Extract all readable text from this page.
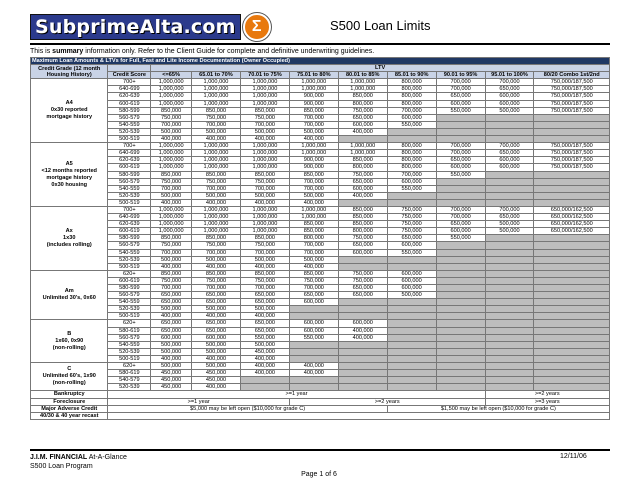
SubprimeAlta.com	Σ	S500 Loan Limits
This is summary information only. Refer to the Client Guide for complete and definitive underwriting guidelines.
Maximum Loan Amounts & LTVs for Full, Fast and Lite Income Documentation (Owner Occupied)										
Credit Grade (12 month Housing History)		LTV								
	Credit Score	<=65%	65.01 to 70%	70.01 to 75%	75.01 to 80%	80.01 to 85%	85.01 to 90%	90.01 to 95%	95.01 to 100%	80/20 Combo 1st/2nd

A4
0x30 reported
mortgage history	700+	1,000,000	1,000,000	1,000,000	1,000,000	1,000,000	800,000	700,000	700,000	750,000/187,500
	640-699	1,000,000	1,000,000	1,000,000	1,000,000	1,000,000	800,000	700,000	650,000	750,000/187,500
	620-639	1,000,000	1,000,000	1,000,000	900,000	850,000	800,000	650,000	600,000	750,000/187,500
	600-619	1,000,000	1,000,000	1,000,000	900,000	800,000	800,000	600,000	600,000	750,000/187,500
	580-599	850,000	850,000	850,000	850,000	750,000	700,000	550,000	500,000	750,000/187,500
	560-579	750,000	750,000	750,000	700,000	650,000	600,000			
	540-559	700,000	700,000	700,000	700,000	600,000	550,000			
	520-539	500,000	500,000	500,000	500,000	400,000				
	500-519	400,000	400,000	400,000	400,000					

A5
<12 months reported
mortgage history
0x30 housing	700+	1,000,000	1,000,000	1,000,000	1,000,000	1,000,000	800,000	700,000	700,000	750,000/187,500
	640-699	1,000,000	1,000,000	1,000,000	1,000,000	1,000,000	800,000	700,000	650,000	750,000/187,500
	620-639	1,000,000	1,000,000	1,000,000	900,000	850,000	800,000	650,000	600,000	750,000/187,500
	600-619	1,000,000	1,000,000	1,000,000	900,000	800,000	800,000	600,000	600,000	750,000/187,500
	580-599	850,000	850,000	850,000	850,000	750,000	700,000	550,000		
	560-579	750,000	750,000	750,000	700,000	650,000	600,000			
	540-559	700,000	700,000	700,000	700,000	600,000	550,000			
	520-539	500,000	500,000	500,000	500,000	400,000				
	500-519	400,000	400,000	400,000	400,000					

Ax
1x30
(includes rolling)	700+	1,000,000	1,000,000	1,000,000	1,000,000	850,000	750,000	700,000	700,000	650,000/162,500
	640-699	1,000,000	1,000,000	1,000,000	1,000,000	850,000	750,000	700,000	650,000	650,000/162,500
	620-639	1,000,000	1,000,000	1,000,000	850,000	850,000	750,000	650,000	500,000	650,000/162,500
	600-619	1,000,000	1,000,000	1,000,000	850,000	800,000	750,000	600,000	500,000	650,000/162,500
	580-599	850,000	850,000	850,000	800,000	750,000	650,000	550,000		
	560-579	750,000	750,000	750,000	700,000	650,000	600,000			
	540-559	700,000	700,000	700,000	700,000	600,000	550,000			
	520-539	500,000	500,000	500,000	500,000					
	500-519	400,000	400,000	400,000	400,000					

Am
Unlimited 30's, 0x60	620+	850,000	850,000	850,000	850,000	750,000	600,000			
	600-619	750,000	750,000	750,000	750,000	750,000	600,000			
	580-599	700,000	700,000	700,000	700,000	650,000	600,000			
	560-579	650,000	650,000	650,000	650,000	650,000	500,000			
	540-559	650,000	650,000	650,000	600,000					
	520-539	500,000	500,000	500,000						
	500-519	400,000	400,000	400,000						

B
1x60, 0x90
(non-rolling)	620+	650,000	650,000	650,000	600,000	600,000				
	580-619	650,000	650,000	650,000	600,000	400,000				
	560-579	600,000	600,000	550,000	550,000	400,000				
	540-559	500,000	500,000	500,000						
	520-539	500,000	500,000	450,000						
	500-519	400,000	400,000	400,000						

C
Unlimited 60's, 1x90
(non-rolling)	620+	500,000	500,000	400,000	400,000					
	580-619	450,000	450,000	400,000	400,000					
	540-579	450,000	450,000							
	520-539	450,000	400,000							
Bankruptcy	>=1 year								>=2 years	
Foreclosure	>=1 year				>=2 years				>=3 years	
Major Adverse Credit	$5,000 may be left open ($10,000 for grade C)						$1,500 may be left open ($10,000 for grade C)			
40/30 & 40 year recast										
J.I.M. FINANCIAL At-A-Glance
S500 Loan Program
12/11/06
Page 1 of 6
